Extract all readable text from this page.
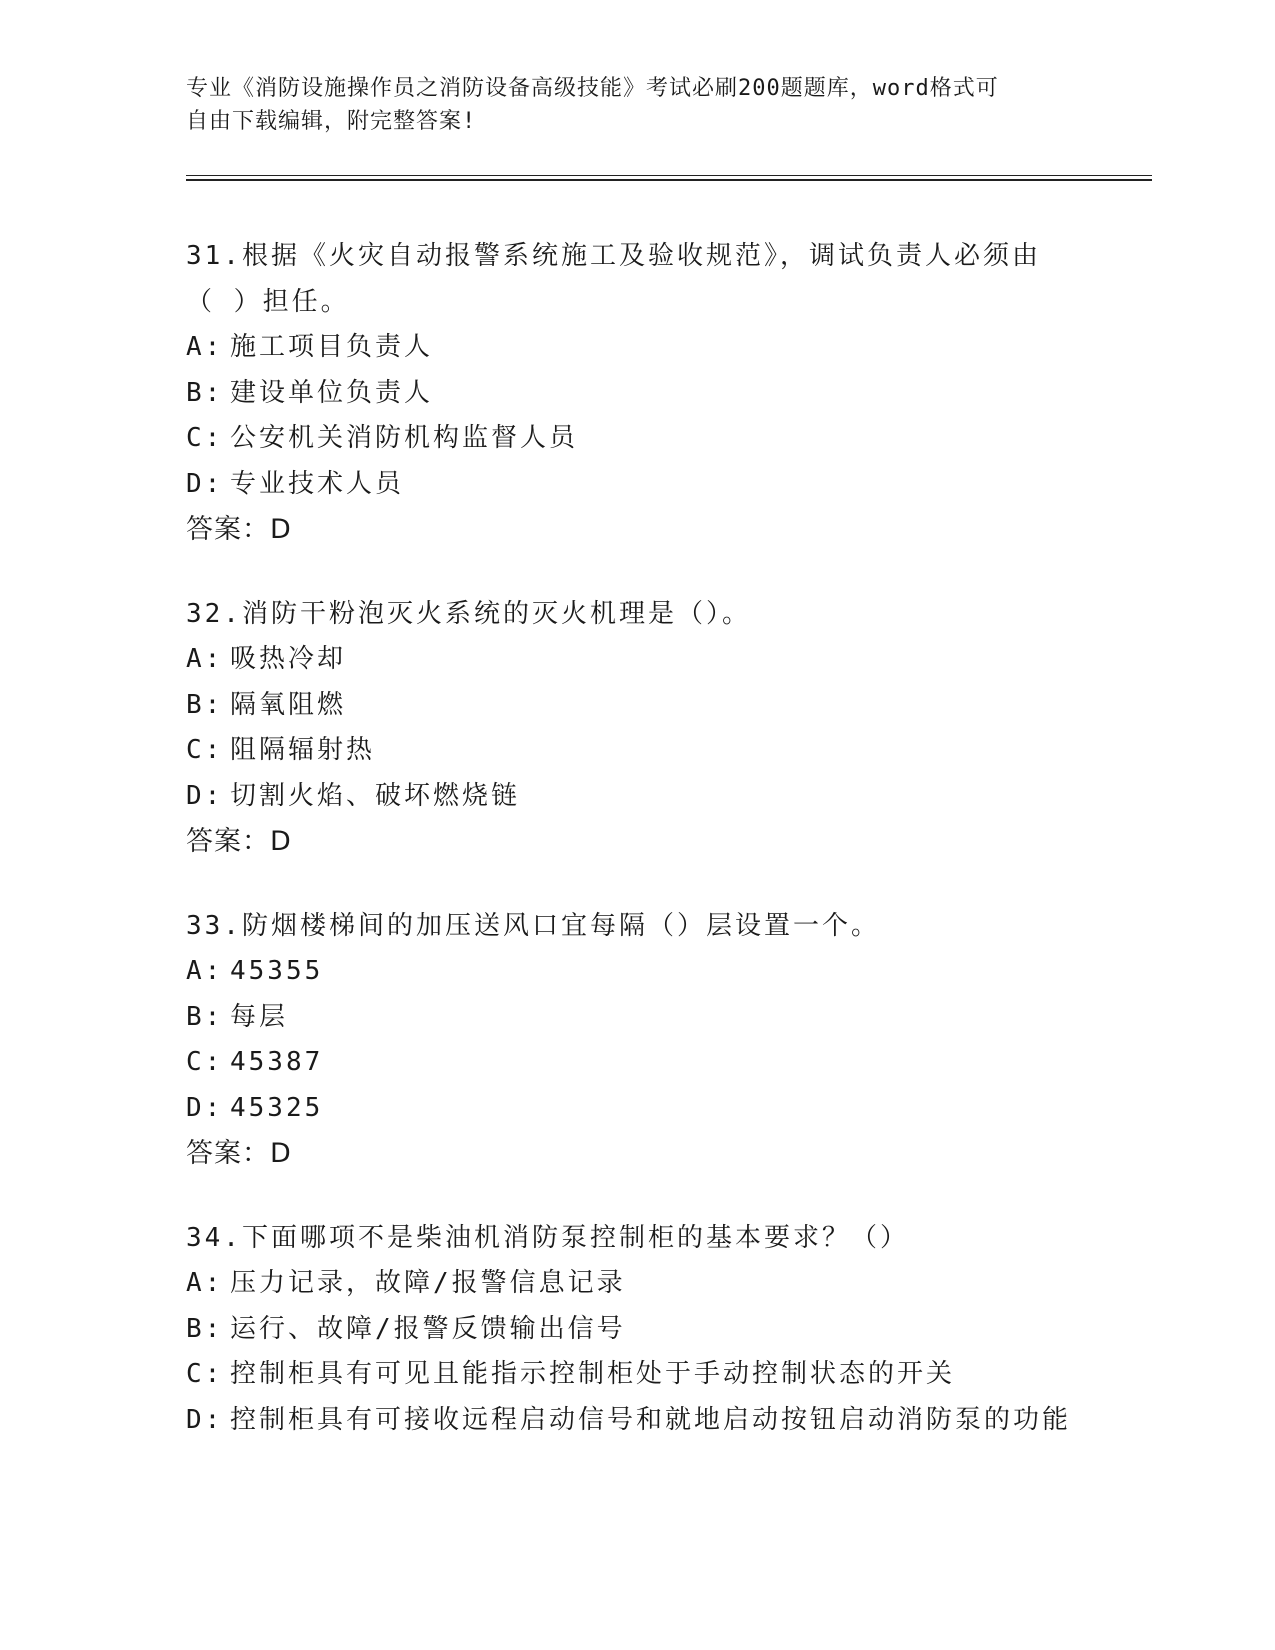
专业《消防设施操作员之消防设备高级技能》考试必刷200题题库，word格式可
自由下载编辑，附完整答案!
31.根据《火灾自动报警系统施工及验收规范》，调试负责人必须由（ ）担任。
A: 施工项目负责人
B: 建设单位负责人
C: 公安机关消防机构监督人员
D: 专业技术人员
答案：D
32.消防干粉泡灭火系统的灭火机理是（）。
A: 吸热冷却
B: 隔氧阻燃
C: 阻隔辐射热
D: 切割火焰、破坏燃烧链
答案：D
33.防烟楼梯间的加压送风口宜每隔（）层设置一个。
A: 45355
B: 每层
C: 45387
D: 45325
答案：D
34.下面哪项不是柴油机消防泵控制柜的基本要求？（）
A: 压力记录，故障/报警信息记录
B: 运行、故障/报警反馈输出信号
C: 控制柜具有可见且能指示控制柜处于手动控制状态的开关
D: 控制柜具有可接收远程启动信号和就地启动按钮启动消防泵的功能
